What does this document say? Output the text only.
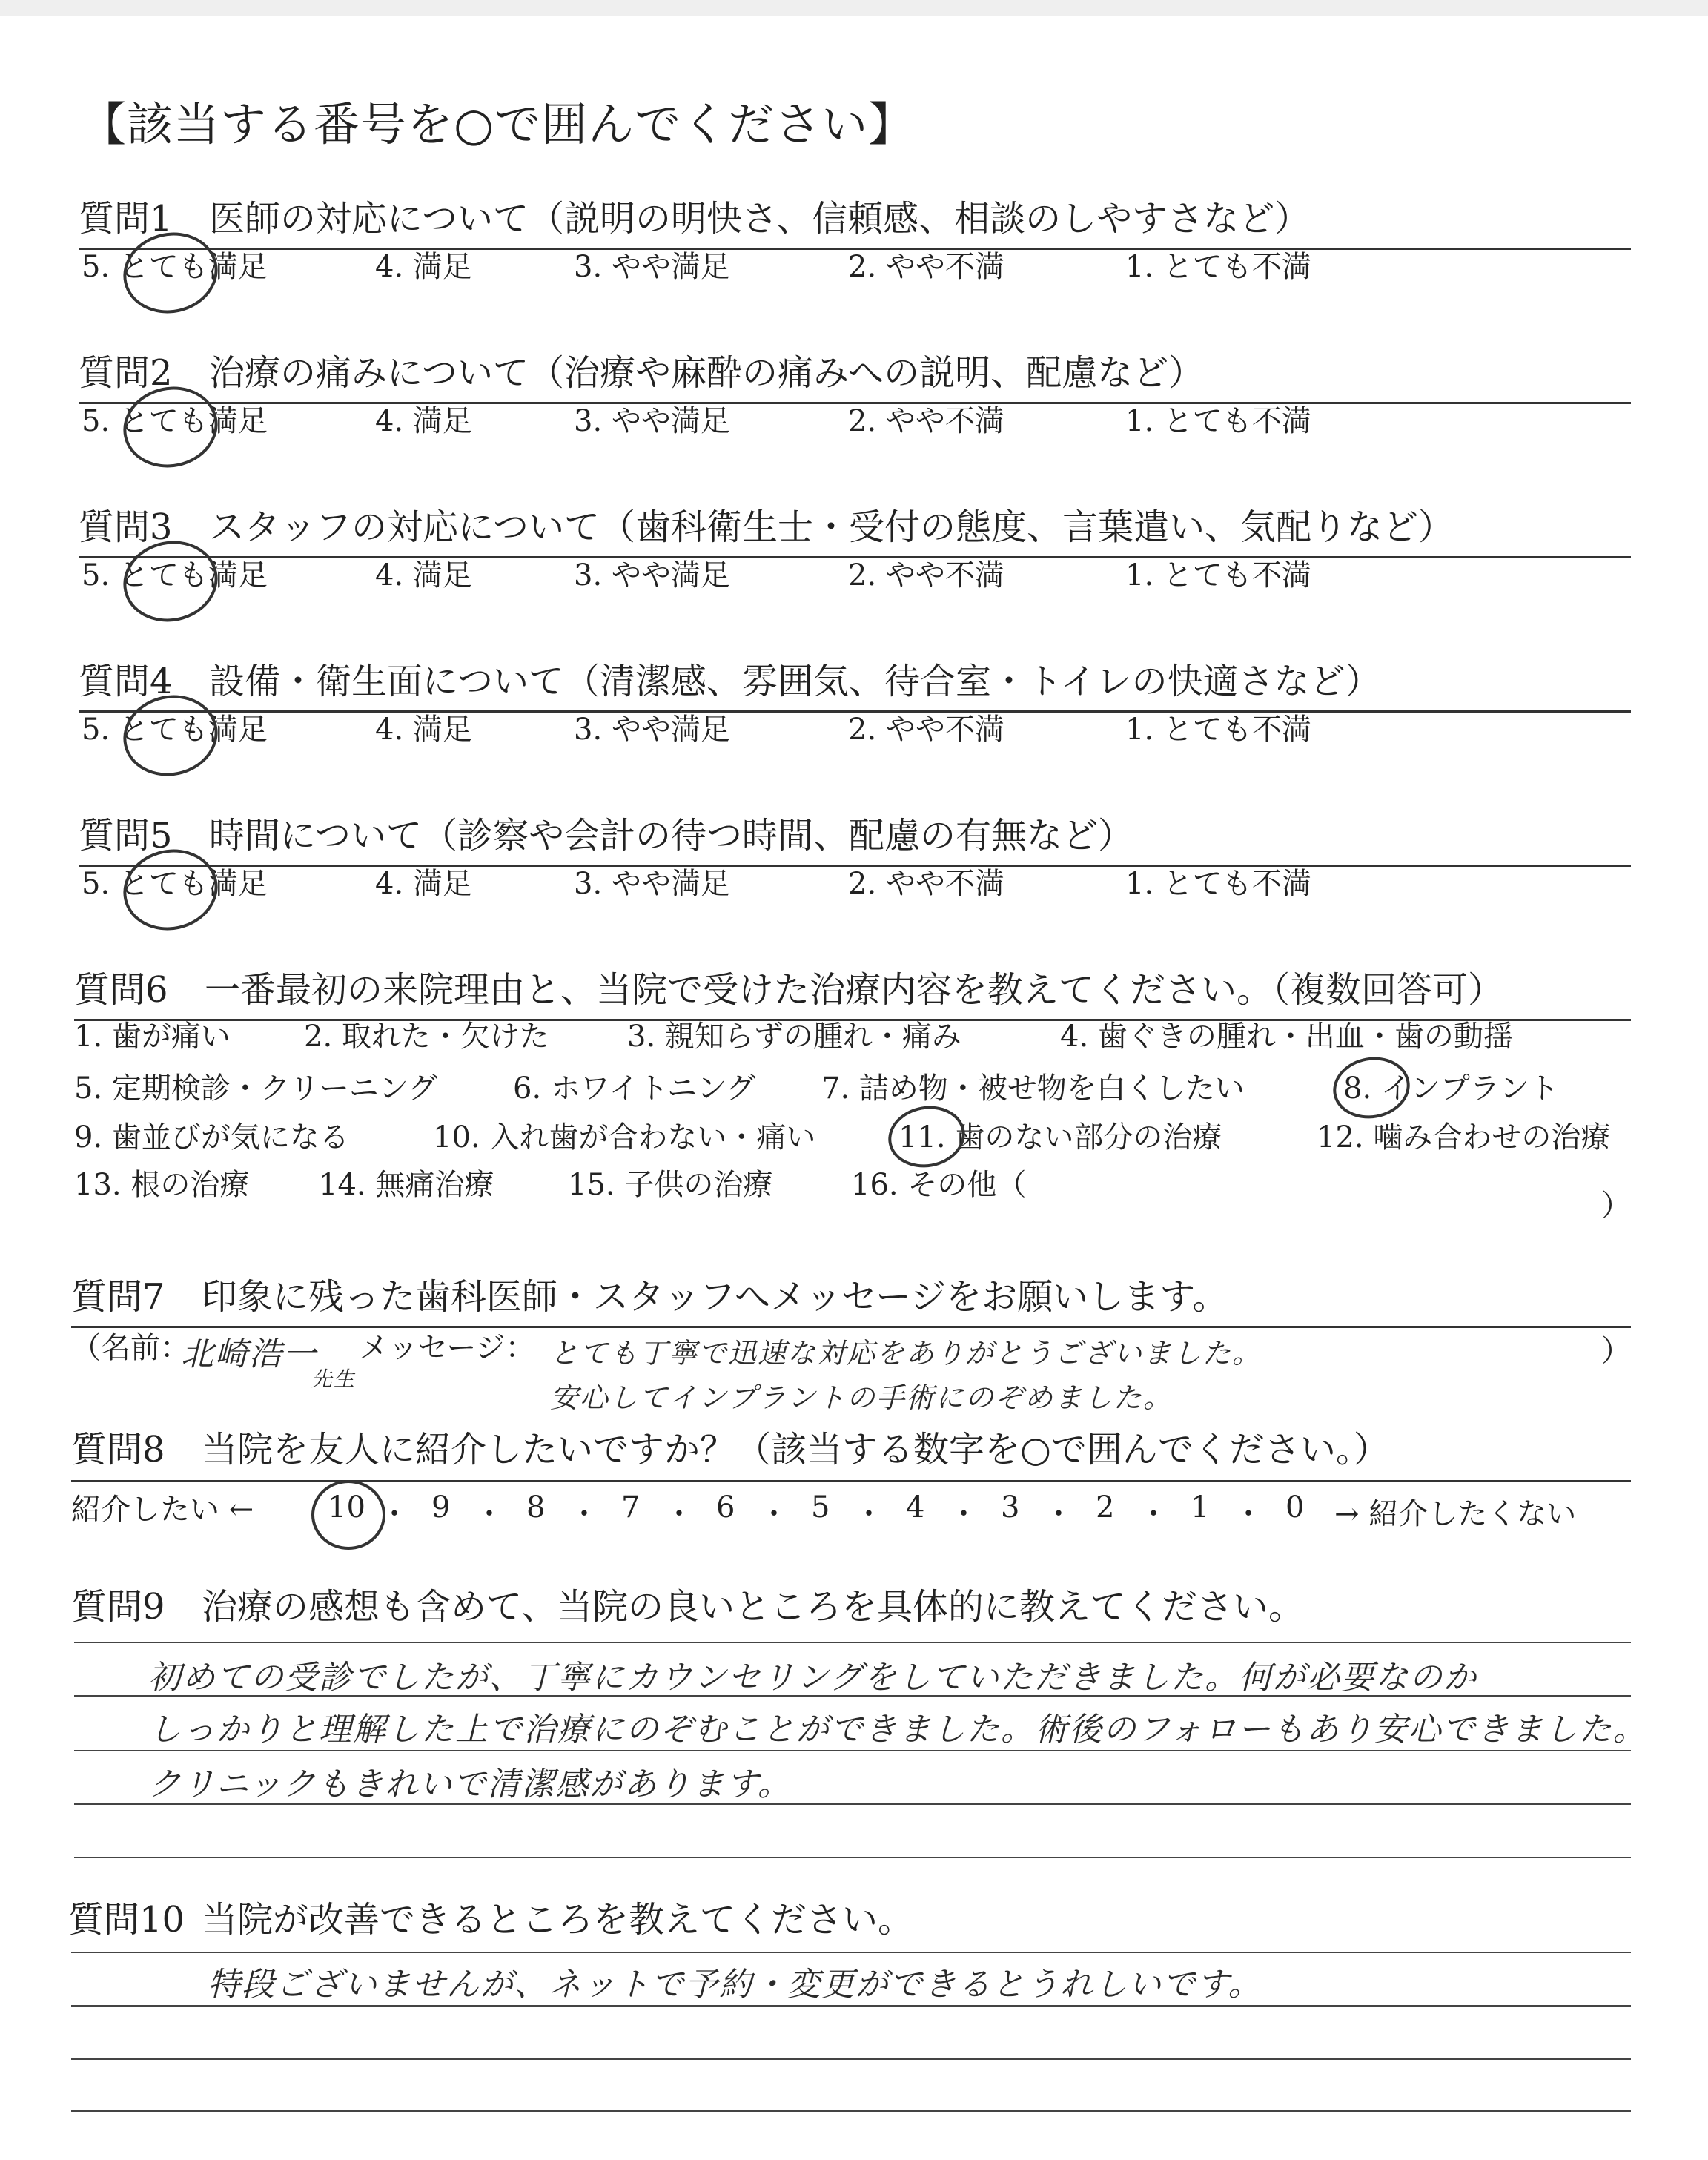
【該当する番号を○で囲んでください】
質問1 医師の対応について（説明の明快さ、信頼感、相談のしやすさなど）
5. とても満足	4. 満足	3. やや満足	2. やや不満	1. とても不満
質問2 治療の痛みについて（治療や麻酔の痛みへの説明、配慮など）
5. とても満足	4. 満足	3. やや満足	2. やや不満	1. とても不満
質問3 スタッフの対応について（歯科衛生士・受付の態度、言葉遣い、気配りなど）
5. とても満足	4. 満足	3. やや満足	2. やや不満	1. とても不満
質問4 設備・衛生面について（清潔感、雰囲気、待合室・トイレの快適さなど）
5. とても満足	4. 満足	3. やや満足	2. やや不満	1. とても不満
質問5 時間について（診察や会計の待つ時間、配慮の有無など）
5. とても満足	4. 満足	3. やや満足	2. やや不満	1. とても不満
質問6 一番最初の来院理由と、当院で受けた治療内容を教えてください。（複数回答可）
1. 歯が痛い 2. 取れた・欠けた	3. 親知らずの腫れ・痛み	4. 歯ぐきの腫れ・出血・歯の動揺
5. 定期検診・クリーニング	6. ホワイトニング 7. 詰め物・被せ物を白くしたい	8. インプラント
9. 歯並びが気になる	10. 入れ歯が合わない・痛い	11. 歯のない部分の治療	12. 噛み合わせの治療
13. 根の治療 14. 無痛治療 15. 子供の治療	16. その他（
）
質問7 印象に残った歯科医師・スタッフへメッセージをお願いします。
（名前：
北崎浩一
先生
メッセージ： とても丁寧で迅速な対応をありがとうございました。
安心してインプラントの手術にのぞめました。
）
質問8 当院を友人に紹介したいですか？（該当する数字を○で囲んでください。）
紹介したい ← 10 ・ 9 ・ 8 ・ 7 ・ 6 ・ 5 ・ 4 ・ 3 ・ 2 ・ 1 ・ 0 → 紹介したくない
質問9 治療の感想も含めて、当院の良いところを具体的に教えてください。
初めての受診でしたが、丁寧にカウンセリングをしていただきました。何が必要なのか
しっかりと理解した上で治療にのぞむことができました。術後のフォローもあり安心できました。
クリニックもきれいで清潔感があります。
質問10 当院が改善できるところを教えてください。
特段ございませんが、ネットで予約・変更ができるとうれしいです。
